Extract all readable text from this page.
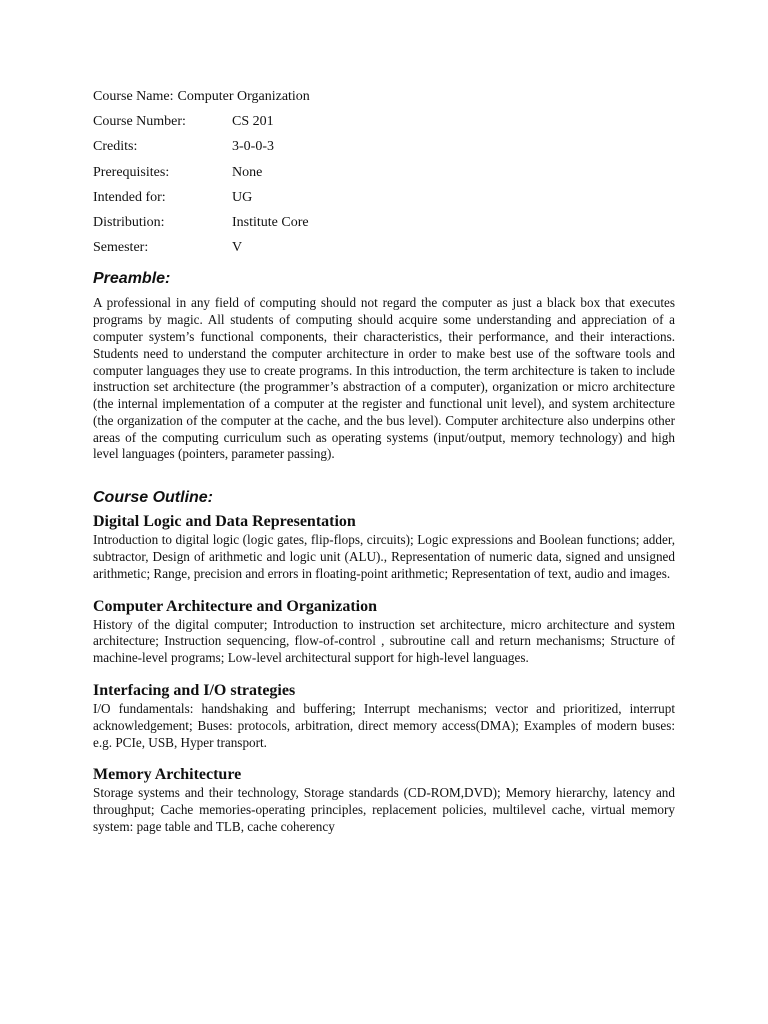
Course Name: Computer Organization
Course Number:	CS 201
Credits:	3-0-0-3
Prerequisites:	None
Intended for:	UG
Distribution:	Institute Core
Semester:	V
Preamble:

A professional in any field of computing should not regard the computer as just a black box that executes programs by magic. All students of computing should acquire some understanding and appreciation of a computer system’s functional components, their characteristics, their performance, and their interactions. Students need to understand the computer architecture in order to make best use of the software tools and computer languages they use to create programs. In this introduction, the term architecture is taken to include instruction set architecture (the programmer’s abstraction of a computer), organization or micro architecture (the internal implementation of a computer at the register and functional unit level), and system architecture (the organization of the computer at the cache, and the bus level). Computer architecture also underpins other areas of the computing curriculum such as operating systems (input/output, memory technology) and high level languages (pointers, parameter passing).

Course Outline:
Digital Logic and Data Representation

Introduction to digital logic (logic gates, flip-flops, circuits); Logic expressions and Boolean functions; adder, subtractor, Design of arithmetic and logic unit (ALU)., Representation of numeric data, signed and unsigned arithmetic; Range, precision and errors in floating-point arithmetic; Representation of text, audio and images.

Computer Architecture and Organization

History of the digital computer; Introduction to instruction set architecture, micro architecture and system architecture; Instruction sequencing, flow-of-control , subroutine call and return mechanisms; Structure of machine-level programs; Low-level architectural support for high-level languages.

Interfacing and I/O strategies

I/O fundamentals: handshaking and buffering; Interrupt mechanisms; vector and prioritized, interrupt acknowledgement; Buses: protocols, arbitration, direct memory access(DMA); Examples of modern buses: e.g. PCIe, USB, Hyper transport.

Memory Architecture

Storage systems and their technology, Storage standards (CD-ROM,DVD); Memory hierarchy, latency and throughput; Cache memories-operating principles, replacement policies, multilevel cache, virtual memory system: page table and TLB, cache coherency
